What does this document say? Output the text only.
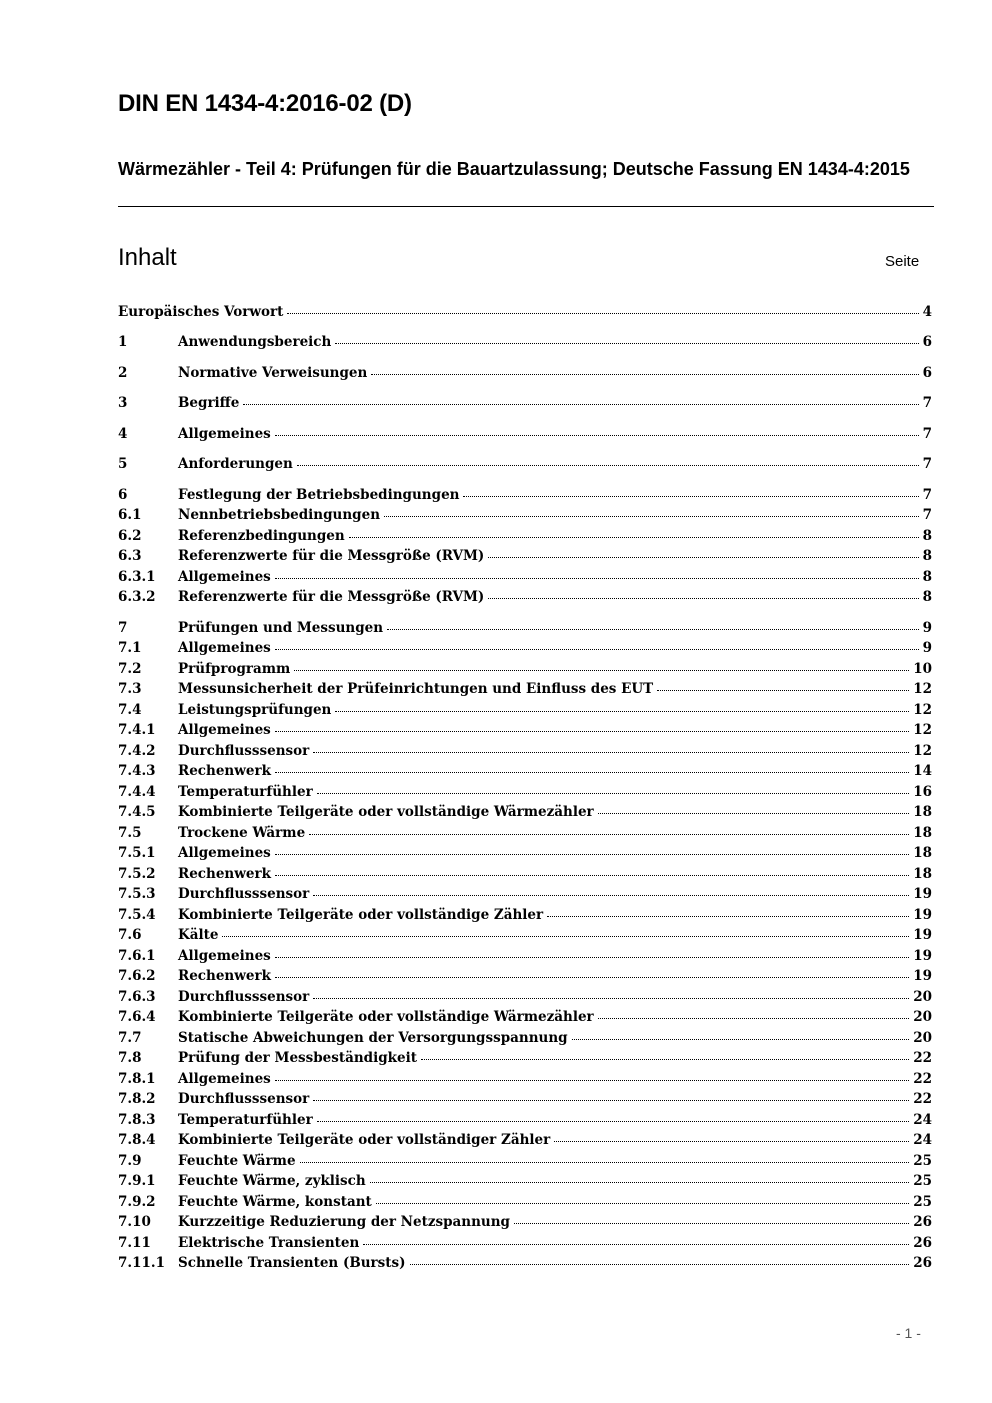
DIN EN 1434-4:2016-02 (D)
Wärmezähler - Teil 4: Prüfungen für die Bauartzulassung; Deutsche Fassung EN 1434-4:2015
Inhalt	Seite
Europäisches Vorwort	4
1	Anwendungsbereich	6
2	Normative Verweisungen	6
3	Begriffe	7
4	Allgemeines	7
5	Anforderungen	7
6	Festlegung der Betriebsbedingungen	7
6.1	Nennbetriebsbedingungen	7
6.2	Referenzbedingungen	8
6.3	Referenzwerte für die Messgröße (RVM)	8
6.3.1	Allgemeines	8
6.3.2	Referenzwerte für die Messgröße (RVM)	8
7	Prüfungen und Messungen	9
7.1	Allgemeines	9
7.2	Prüfprogramm	10
7.3	Messunsicherheit der Prüfeinrichtungen und Einfluss des EUT	12
7.4	Leistungsprüfungen	12
7.4.1	Allgemeines	12
7.4.2	Durchflusssensor	12
7.4.3	Rechenwerk	14
7.4.4	Temperaturfühler	16
7.4.5	Kombinierte Teilgeräte oder vollständige Wärmezähler	18
7.5	Trockene Wärme	18
7.5.1	Allgemeines	18
7.5.2	Rechenwerk	18
7.5.3	Durchflusssensor	19
7.5.4	Kombinierte Teilgeräte oder vollständige Zähler	19
7.6	Kälte	19
7.6.1	Allgemeines	19
7.6.2	Rechenwerk	19
7.6.3	Durchflusssensor	20
7.6.4	Kombinierte Teilgeräte oder vollständige Wärmezähler	20
7.7	Statische Abweichungen der Versorgungsspannung	20
7.8	Prüfung der Messbeständigkeit	22
7.8.1	Allgemeines	22
7.8.2	Durchflusssensor	22
7.8.3	Temperaturfühler	24
7.8.4	Kombinierte Teilgeräte oder vollständiger Zähler	24
7.9	Feuchte Wärme	25
7.9.1	Feuchte Wärme, zyklisch	25
7.9.2	Feuchte Wärme, konstant	25
7.10	Kurzzeitige Reduzierung der Netzspannung	26
7.11	Elektrische Transienten	26
7.11.1 Schnelle Transienten (Bursts)	26
- 1 -
